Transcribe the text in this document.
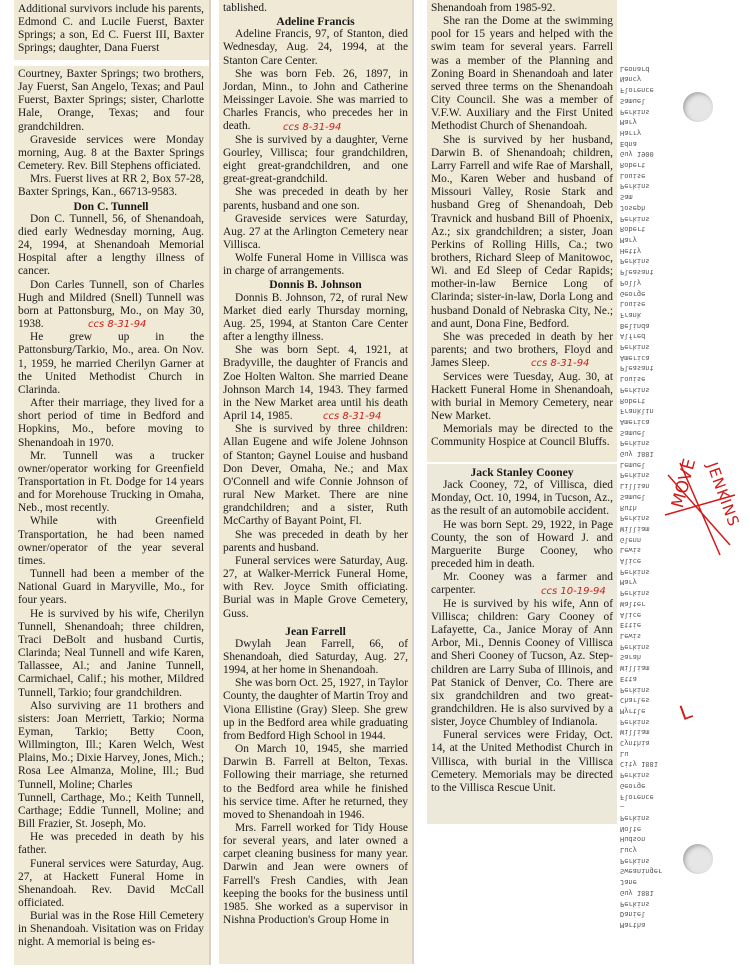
Additional survivors include his parents, Edmond C. and Lucile Fuerst, Baxter Springs; a son, Ed C. Fuerst III, Baxter Springs; daughter, Dana Fuerst

Courtney, Baxter Springs; two brothers, Jay Fuerst, San Angelo, Texas; and Paul Fuerst, Baxter Springs; sister, Charlotte Hale, Orange, Texas; and four grandchildren.

Graveside services were Monday morning, Aug. 8 at the Baxter Springs Cemetery. Rev. Bill Stephens officiated.

Mrs. Fuerst lives at RR 2, Box 57-28, Baxter Springs, Kan., 66713-9583.

Don C. Tunnell

Don C. Tunnell, 56, of Shenandoah, died early Wednesday morning, Aug. 24, 1994, at Shenandoah Memorial Hospital after a lengthy illness of cancer.

Don Carles Tunnell, son of Charles Hugh and Mildred (Snell) Tunnell was born at Pattonsburg, Mo., on May 30, 1938.	ccs 8-31-94

He grew up in the Pattonsburg/Tarkio, Mo., area. On Nov. 1, 1959, he married Cherilyn Garner at the United Methodist Church in Clarinda.

After their marriage, they lived for a short period of time in Bedford and Hopkins, Mo., before moving to Shenandoah in 1970.

Mr. Tunnell was a trucker owner/operator working for Greenfield Transportation in Ft. Dodge for 14 years and for Morehouse Trucking in Omaha, Neb., most recently.

While with Greenfield Transportation, he had been named owner/operator of the year several times.

Tunnell had been a member of the National Guard in Maryville, Mo., for four years.

He is survived by his wife, Cherilyn Tunnell, Shenandoah; three children, Traci DeBolt and husband Curtis, Clarinda; Neal Tunnell and wife Karen, Tallassee, Al.; and Janine Tunnell, Carmichael, Calif.; his mother, Mildred Tunnell, Tarkio; four grandchildren.

Also surviving are 11 brothers and sisters: Joan Merriett, Tarkio; Norma Eyman, Tarkio; Betty Coon, Willmington, Ill.; Karen Welch, West Plains, Mo.; Dixie Harvey, Jones, Mich.; Rosa Lee Almanza, Moline, Ill.; Bud Tunnell, Moline; Charles

Tunnell, Carthage, Mo.; Keith Tunnell, Carthage; Eddie Tunnell, Moline; and Bill Frazier, St. Joseph, Mo.

He was preceded in death by his father.

Funeral services were Saturday, Aug. 27, at Hackett Funeral Home in Shenandoah. Rev. David McCall officiated.

Burial was in the Rose Hill Cemetery in Shenandoah. Visitation was on Friday night. A memorial is being es-

tablished.

Adeline Francis

Adeline Francis, 97, of Stanton, died Wednesday, Aug. 24, 1994, at the Stanton Care Center.

She was born Feb. 26, 1897, in Jordan, Minn., to John and Catherine Meissinger Lavoie. She was married to Charles Francis, who precedes her in death.	ccs 8-31-94

She is survived by a daughter, Verne Gourley, Villisca; four grandchildren, eight great-grandchildren, and one great-great-grandchild.

She was preceded in death by her parents, husband and one son.

Graveside services were Saturday, Aug. 27 at the Arlington Cemetery near Villisca.

Wolfe Funeral Home in Villisca was in charge of arrangements.

Donnis B. Johnson

Donnis B. Johnson, 72, of rural New Market died early Thursday morning, Aug. 25, 1994, at Stanton Care Center after a lengthy illness.

She was born Sept. 4, 1921, at Bradyville, the daughter of Francis and Zoe Holten Walton. She married Deane Johnson March 14, 1943. They farmed in the New Market area until his death April 14, 1985.	ccs 8-31-94

She is survived by three children: Allan Eugene and wife Jolene Johnson of Stanton; Gaynel Louise and husband Don Dever, Omaha, Ne.; and Max O'Connell and wife Connie Johnson of rural New Market. There are nine grandchildren; and a sister, Ruth McCarthy of Bayant Point, Fl.

She was preceded in death by her parents and husband.

Funeral services were Saturday, Aug. 27, at Walker-Merrick Funeral Home, with Rev. Joyce Smith officiating. Burial was in Maple Grove Cemetery, Guss.

Jean Farrell

Dwylah Jean Farrell, 66, of Shenandoah, died Saturday, Aug. 27, 1994, at her home in Shenandoah.

She was born Oct. 25, 1927, in Taylor County, the daughter of Martin Troy and Viona Ellistine (Gray) Sleep. She grew up in the Bedford area while graduating from Bedford High School in 1944.

On March 10, 1945, she married Darwin B. Farrell at Belton, Texas. Following their marriage, she returned to the Bedford area while he finished his service time. After he returned, they moved to Shenandoah in 1946.

Mrs. Farrell worked for Tidy House for several years, and later owned a carpet cleaning business for many year. Darwin and Jean were owners of Farrell's Fresh Candies, with Jean keeping the books for the business until 1985. She worked as a supervisor in Nishna Production's Group Home in

Shenandoah from 1985-92.

She ran the Dome at the swimming pool for 15 years and helped with the swim team for several years. Farrell was a member of the Planning and Zoning Board in Shenandoah and later served three terms on the Shenandoah City Council. She was a member of V.F.W. Auxiliary and the First United Methodist Church of Shenandoah.

She is survived by her husband, Darwin B. of Shenandoah; children, Larry Farrell and wife Rae of Marshall, Mo., Karen Weber and husband of Missouri Valley, Rosie Stark and husband Greg of Shenandoah, Deb Travnick and husband Bill of Phoenix, Az.; six grandchildren; a sister, Joan Perkins of Rolling Hills, Ca.; two brothers, Richard Sleep of Manitowoc, Wi. and Ed Sleep of Cedar Rapids; mother-in-law Bernice Long of Clarinda; sister-in-law, Dorla Long and husband Donald of Nebraska City, Ne.; and aunt, Dona Fine, Bedford.

She was preceded in death by her parents; and two brothers, Floyd and James Sleep.	ccs 8-31-94

Services were Tuesday, Aug. 30, at Hackett Funeral Home in Shenandoah, with burial in Memory Cemetery, near New Market.

Memorials may be directed to the Community Hospice at Council Bluffs.

Jack Stanley Cooney

Jack Cooney, 72, of Villisca, died Monday, Oct. 10, 1994, in Tucson, Az., as the result of an automobile accident.

He was born Sept. 29, 1922, in Page County, the son of Howard J. and Marguerite Burge Cooney, who preceded him in death.

Mr. Cooney was a farmer and carpenter.	ccs 10-19-94

He is survived by his wife, Ann of Villisca; children: Gary Cooney of Lafayette, Ca., Janice Moray of Ann Arbor, Mi., Dennis Cooney of Villisca and Sheri Cooney of Tucson, Az. Step-children are Larry Suba of Illinois, and Pat Stanick of Denver, Co. There are six grandchildren and two great-grandchildren. He is also survived by a sister, Joyce Chumbley of Indianola.

Funeral services were Friday, Oct. 14, at the United Methodist Church in Villisca, with burial in the Villisca Cemetery. Memorials may be directed to the Villisca Rescue Unit.

Martha
Daniel
Perkins
Guy 1881
Jane
Sweaninger
Perkins
Lucy
Hudson
Nolte
Perkins
—
Florence
George
Perkins
City 1881
Lu
Cynthia
William
Perkins
Myrtle
Charles
Perkins
Etta
William
Sarah
Perkins
Lewis
Ettie
Alice
Walter
Perkins
Mary
Perkins
Alice
Lewis
Glenn
William
Perkins
Ruth
Samuel
Lillian
Perkins
Lemuel
Guy 1881
Perkins
Samuel
America
Franklin
Robert
Perkins
Louise
Pleasant
America
Perkins
Alfred
Belinda
Frank
Louise
George
Polly
Pleasant
Perkins
Hetty
Mary
Robert
Perkins
Joseph
Sam
Perkins
Louise
Robert
Guy 1900
Edna
Harry
Mary
Perkins
Samuel
Florence
Nancy
Leonard
MOVE JENKINS
L
